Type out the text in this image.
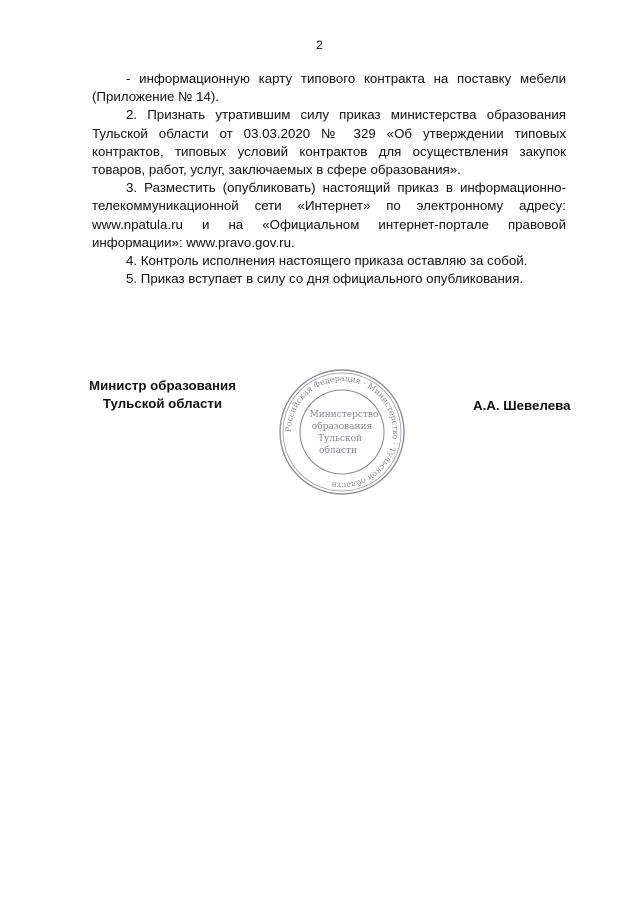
2

- информационную карту типового контракта на поставку мебели (Приложение № 14).

2. Признать утратившим силу приказ министерства образования Тульской области от 03.03.2020 № 329 «Об утверждении типовых контрактов, типовых условий контрактов для осуществления закупок товаров, работ, услуг, заключаемых в сфере образования».

3. Разместить (опубликовать) настоящий приказ в информационно-телекоммуникационной сети «Интернет» по электронному адресу: www.npatula.ru и на «Официальном интернет-портале правовой информации»: www.pravo.gov.ru.

4. Контроль исполнения настоящего приказа оставляю за собой.

5. Приказ вступает в силу со дня официального опубликования.

Министр образования
Тульской области
Российская Федерация · Министерство · Тульской области
Министерство
образования
Тульской
области
А.А. Шевелева
